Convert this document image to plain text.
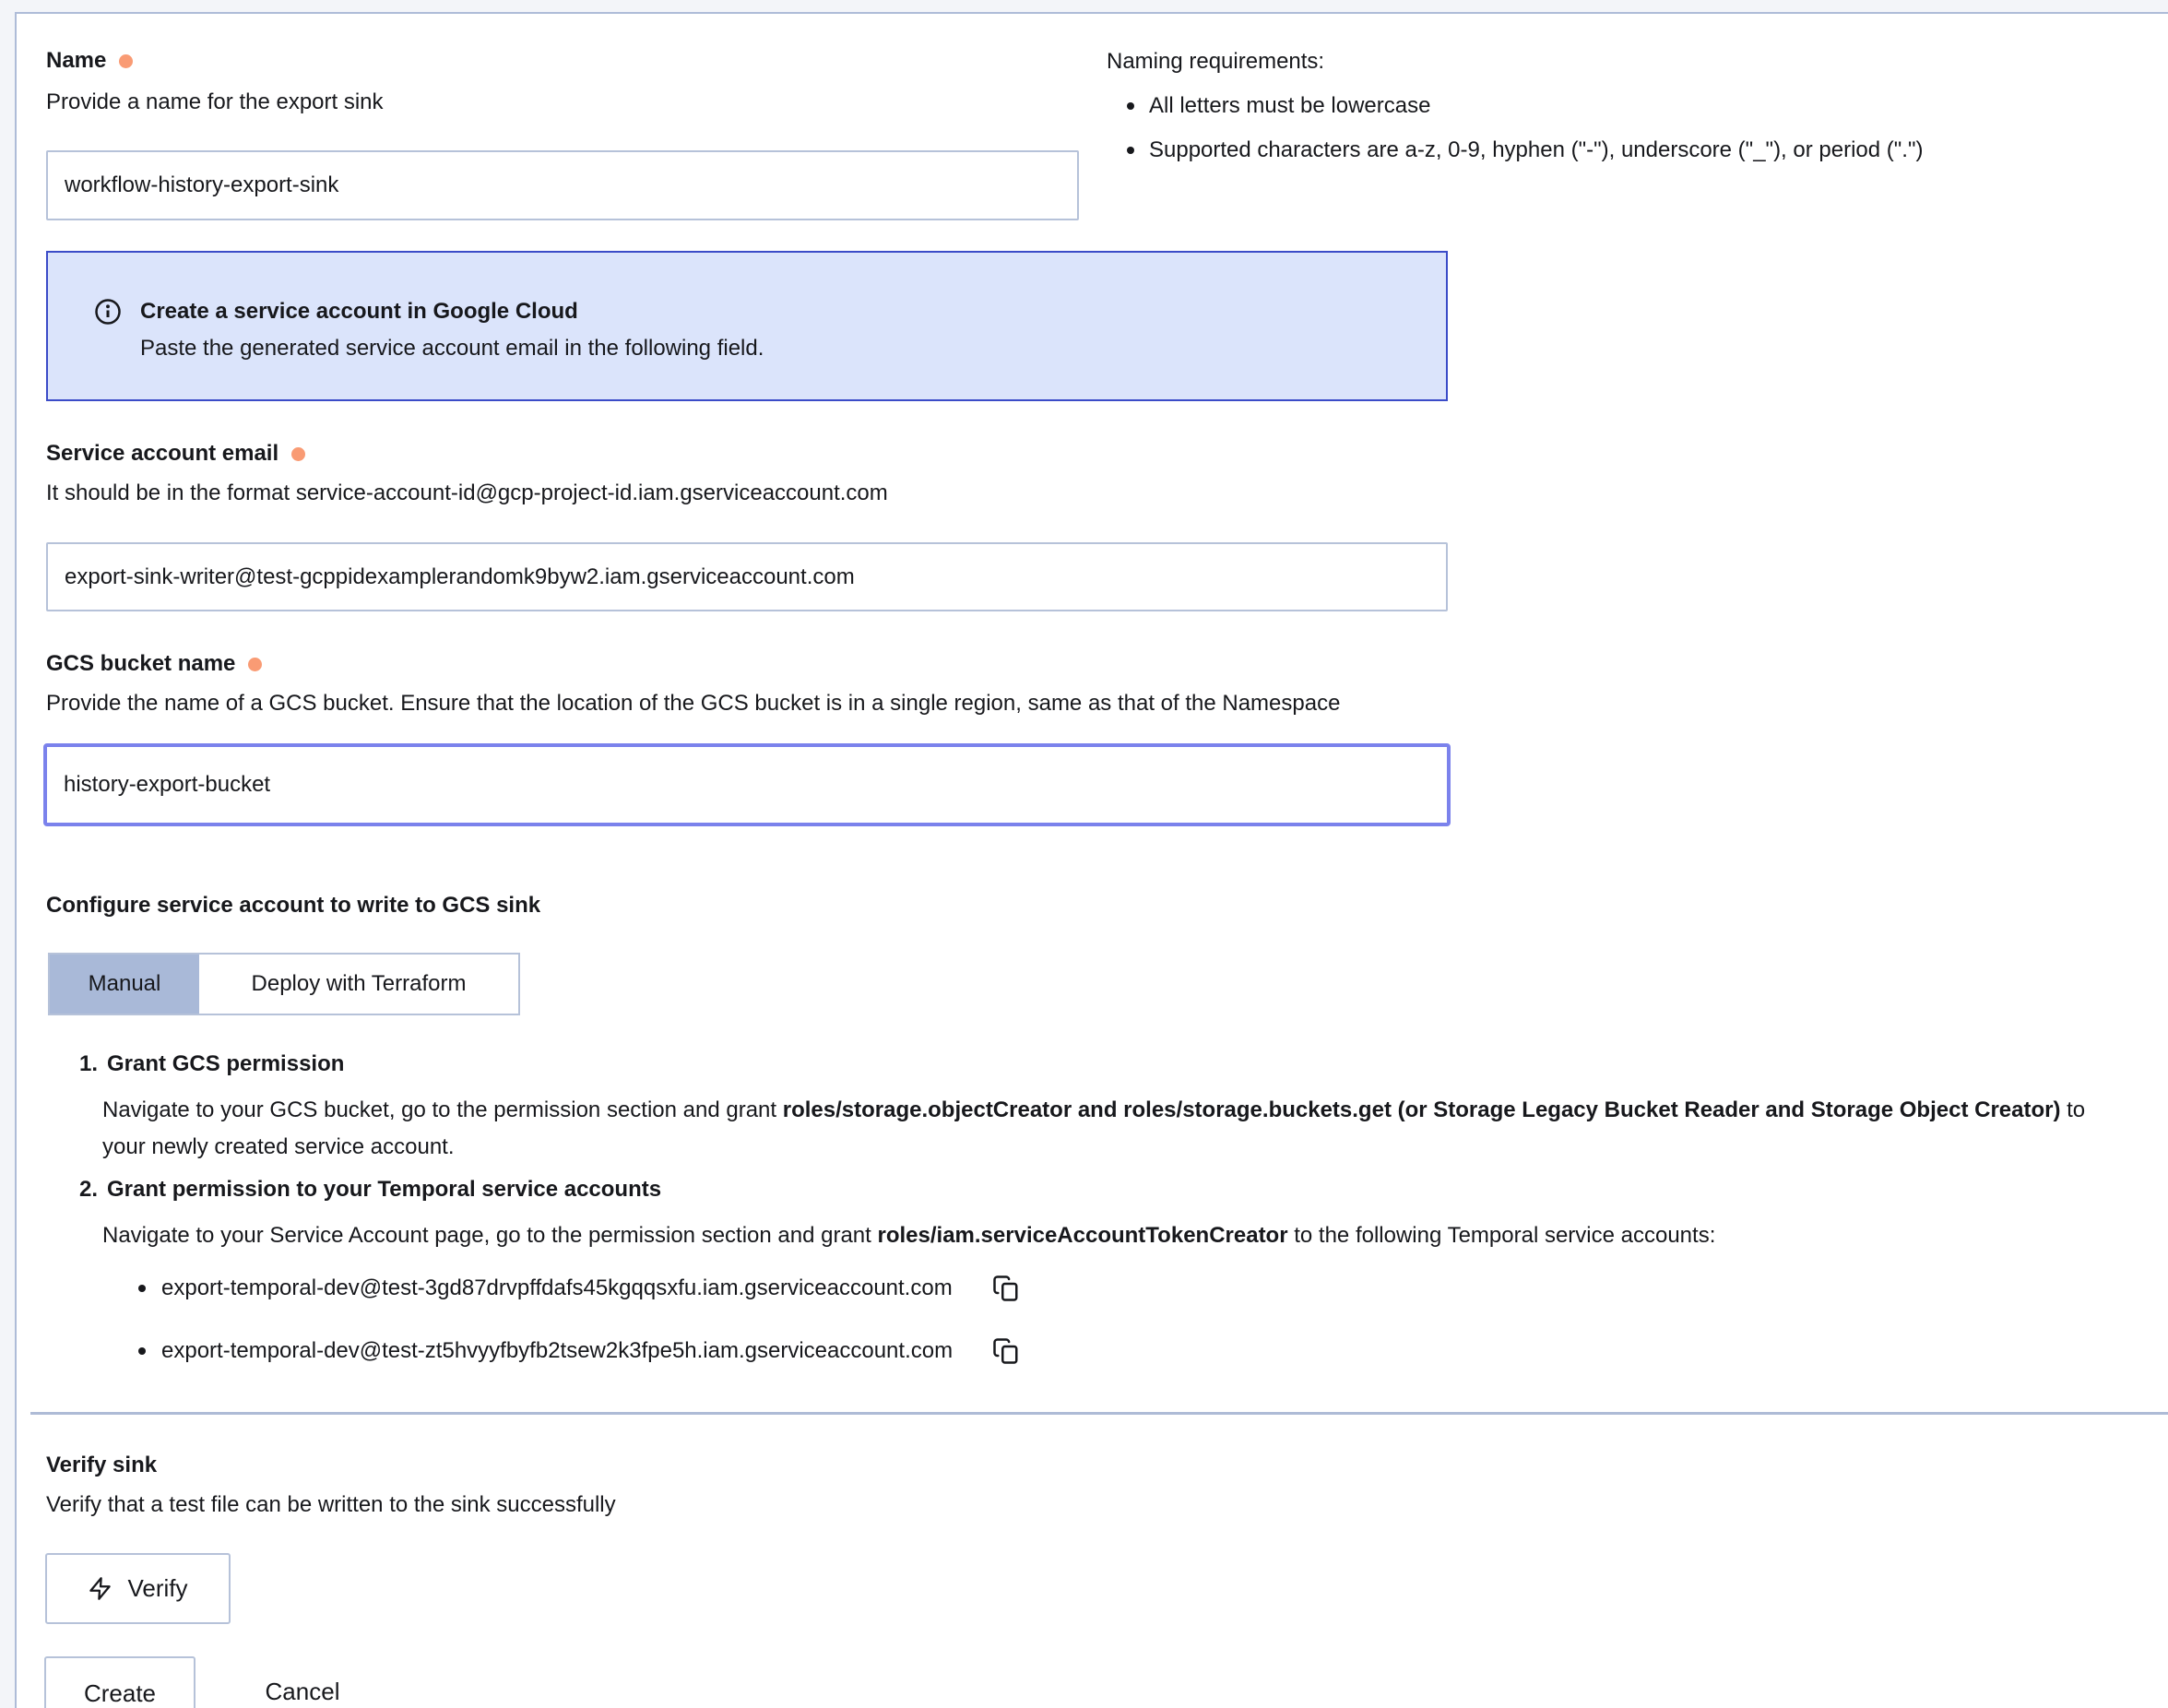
Name
Provide a name for the export sink
workflow-history-export-sink
Naming requirements:
All letters must be lowercase
Supported characters are a-z, 0-9, hyphen ("-"), underscore ("_"), or period (".")
Create a service account in Google Cloud
Paste the generated service account email in the following field.
Service account email
It should be in the format service-account-id@gcp-project-id.iam.gserviceaccount.com
export-sink-writer@test-gcppidexamplerandomk9byw2.iam.gserviceaccount.com
GCS bucket name
Provide the name of a GCS bucket. Ensure that the location of the GCS bucket is in a single region, same as that of the Namespace
history-export-bucket
Configure service account to write to GCS sink
Manual	Deploy with Terraform
1. Grant GCS permission

Navigate to your GCS bucket, go to the permission section and grant roles/storage.objectCreator and roles/storage.buckets.get (or Storage Legacy Bucket Reader and Storage Object Creator) to your newly created service account.

2. Grant permission to your Temporal service accounts

Navigate to your Service Account page, go to the permission section and grant roles/iam.serviceAccountTokenCreator to the following Temporal service accounts:

export-temporal-dev@test-3gd87drvpffdafs45kgqqsxfu.iam.gserviceaccount.com
export-temporal-dev@test-zt5hvyyfbyfb2tsew2k3fpe5h.iam.gserviceaccount.com
Verify sink
Verify that a test file can be written to the sink successfully
Verify
Create	Cancel
